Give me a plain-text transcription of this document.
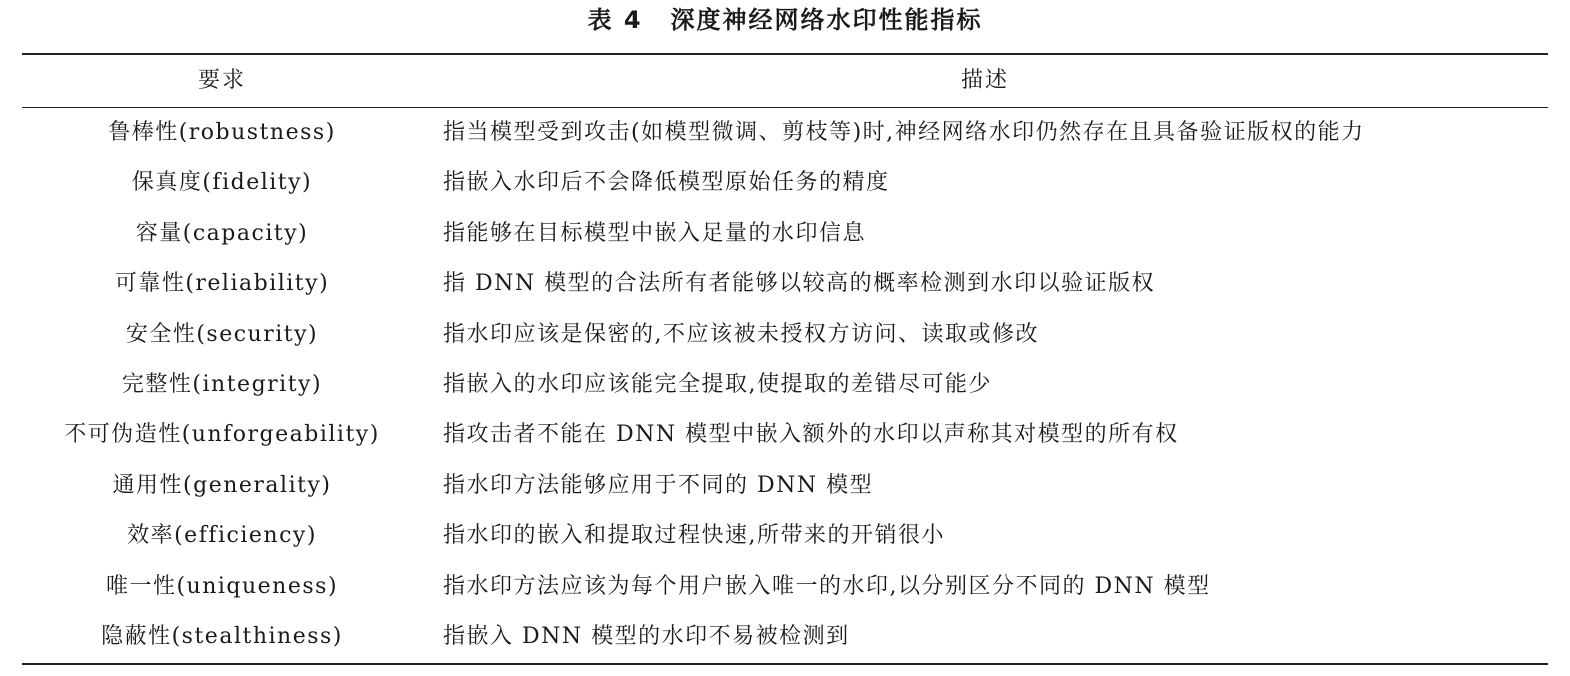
表 4 深度神经网络水印性能指标
要求	描述
鲁棒性(robustness)	指当模型受到攻击(如模型微调、剪枝等)时,神经网络水印仍然存在且具备验证版权的能力
保真度(fidelity)	指嵌入水印后不会降低模型原始任务的精度
容量(capacity)	指能够在目标模型中嵌入足量的水印信息
可靠性(reliability)	指 DNN 模型的合法所有者能够以较高的概率检测到水印以验证版权
安全性(security)	指水印应该是保密的,不应该被未授权方访问、读取或修改
完整性(integrity)	指嵌入的水印应该能完全提取,使提取的差错尽可能少
不可伪造性(unforgeability)	指攻击者不能在 DNN 模型中嵌入额外的水印以声称其对模型的所有权
通用性(generality)	指水印方法能够应用于不同的 DNN 模型
效率(efficiency)	指水印的嵌入和提取过程快速,所带来的开销很小
唯一性(uniqueness)	指水印方法应该为每个用户嵌入唯一的水印,以分别区分不同的 DNN 模型
隐蔽性(stealthiness)	指嵌入 DNN 模型的水印不易被检测到
